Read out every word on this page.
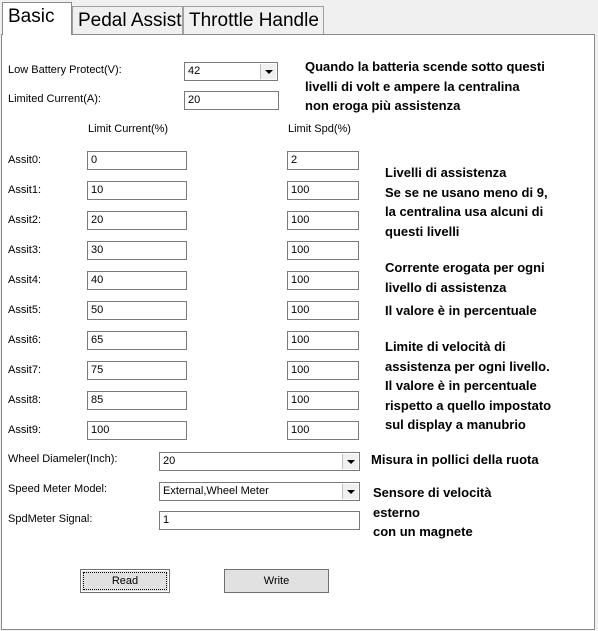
Basic	Pedal Assist Throttle Handle
Low Battery Protect(V):	42
Limited Current(A):	20
Limit Current(%)	Limit Spd(%)
Assit0:	0	2
Assit1:	10	100
Assit2:	20	100
Assit3:	30	100
Assit4:	40	100
Assit5:	50	100
Assit6:	65	100
Assit7:	75	100
Assit8:	85	100
Assit9:	100	100
Wheel Diameler(Inch):	20
Speed Meter Model:	External,Wheel Meter
SpdMeter Signal:	1
Read	Write
Quando la batteria scende sotto questi
livelli di volt e ampere la centralina
non eroga più assistenza
Livelli di assistenza
Se se ne usano meno di 9,
la centralina usa alcuni di
questi livelli
Corrente erogata per ogni
livello di assistenza
Il valore è in percentuale
Limite di velocità di
assistenza per ogni livello.
Il valore è in percentuale
rispetto a quello impostato
sul display a manubrio
Misura in pollici della ruota
Sensore di velocità
esterno
con un magnete
